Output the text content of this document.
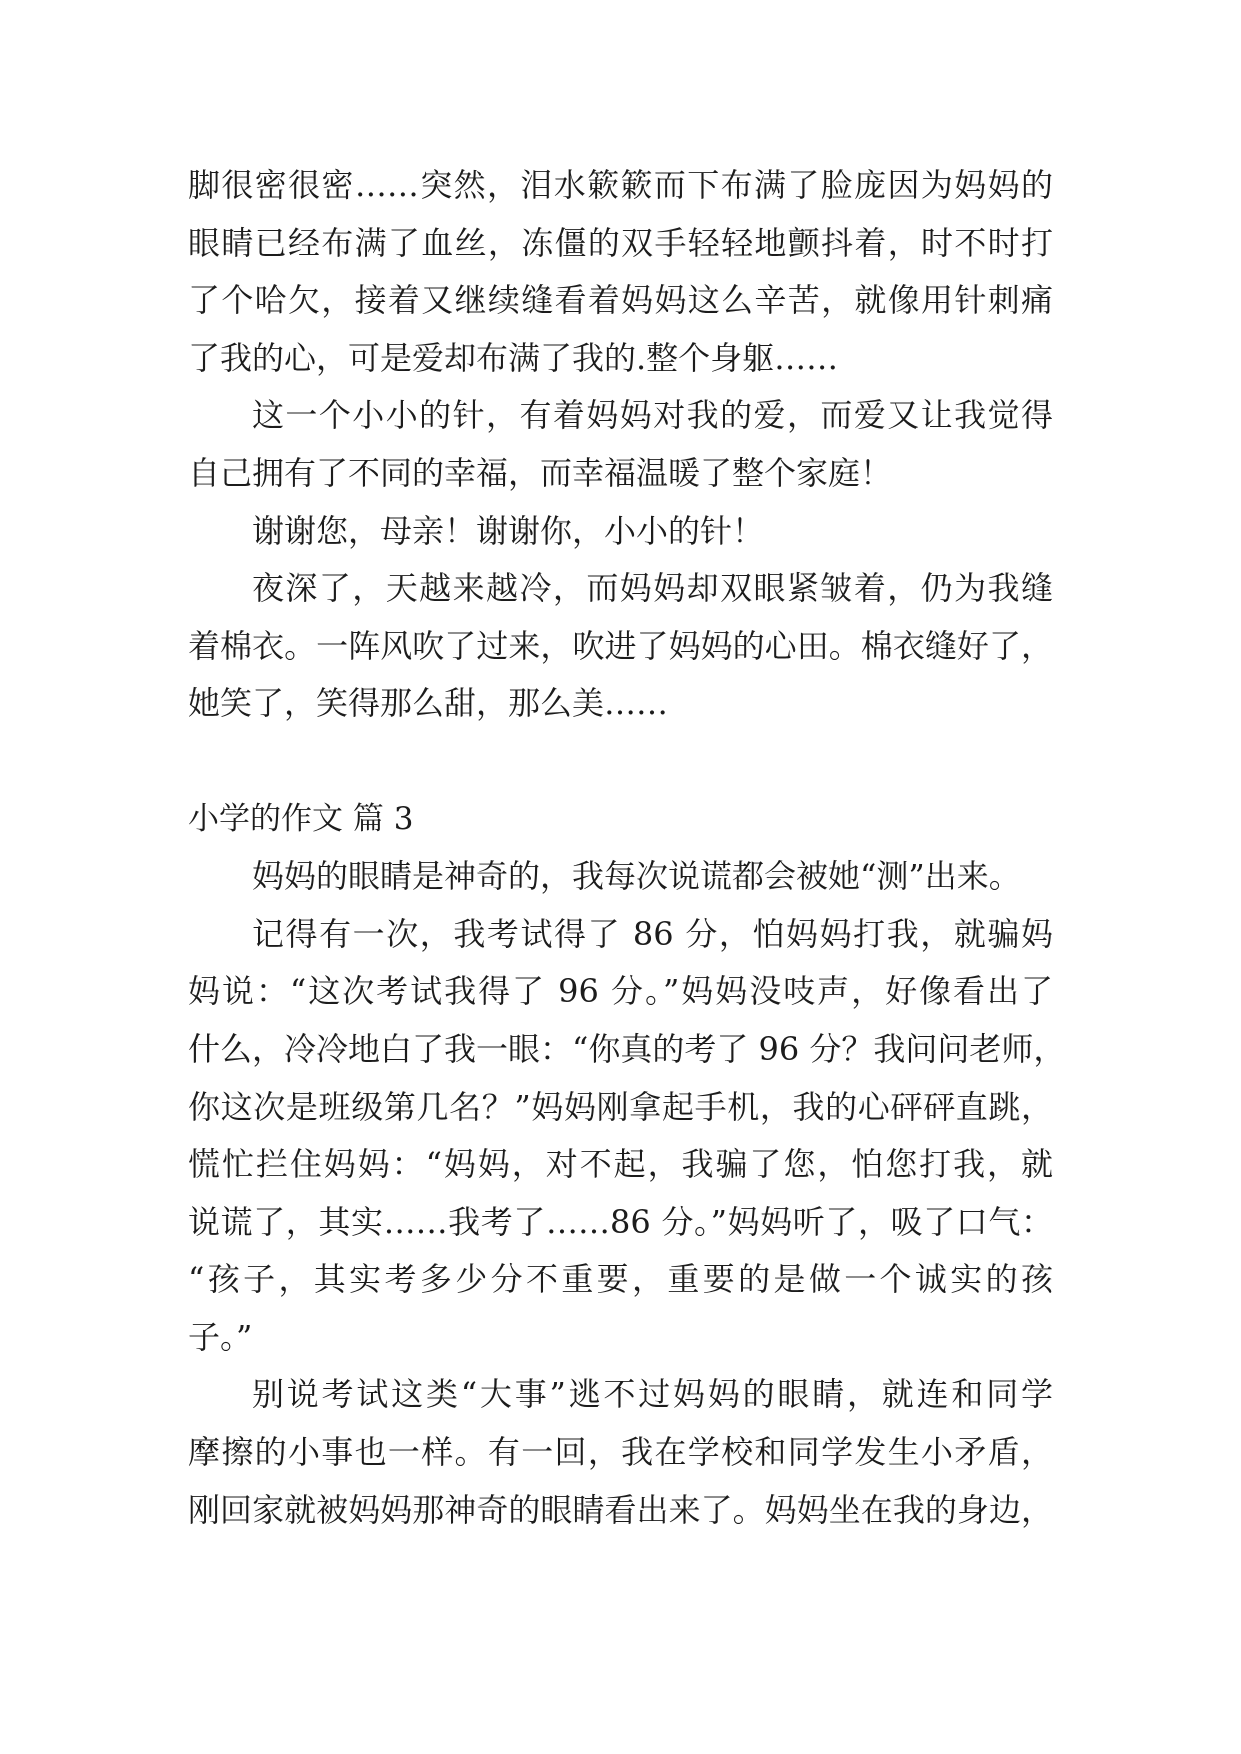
脚很密很密……突然，泪水簌簌而下布满了脸庞因为妈妈的
眼睛已经布满了血丝，冻僵的双手轻轻地颤抖着，时不时打
了个哈欠，接着又继续缝看着妈妈这么辛苦，就像用针刺痛
了我的心，可是爱却布满了我的.整个身躯……
这一个小小的针，有着妈妈对我的爱，而爱又让我觉得
自己拥有了不同的幸福，而幸福温暖了整个家庭！
谢谢您，母亲！谢谢你，小小的针！
夜深了，天越来越冷，而妈妈却双眼紧皱着，仍为我缝
着棉衣。一阵风吹了过来，吹进了妈妈的心田。棉衣缝好了，
她笑了，笑得那么甜，那么美……
小学的作文 篇 3
妈妈的眼睛是神奇的，我每次说谎都会被她“测”出来。
记得有一次，我考试得了 86 分，怕妈妈打我，就骗妈
妈说：“这次考试我得了 96 分。”妈妈没吱声，好像看出了
什么，冷冷地白了我一眼：“你真的考了 96 分？我问问老师，
你这次是班级第几名？”妈妈刚拿起手机，我的心砰砰直跳，
慌忙拦住妈妈：“妈妈，对不起，我骗了您，怕您打我，就
说谎了，其实……我考了……86 分。”妈妈听了，吸了口气：
“孩子，其实考多少分不重要，重要的是做一个诚实的孩
子。”
别说考试这类“大事”逃不过妈妈的眼睛，就连和同学
摩擦的小事也一样。有一回，我在学校和同学发生小矛盾，
刚回家就被妈妈那神奇的眼睛看出来了。妈妈坐在我的身边，
